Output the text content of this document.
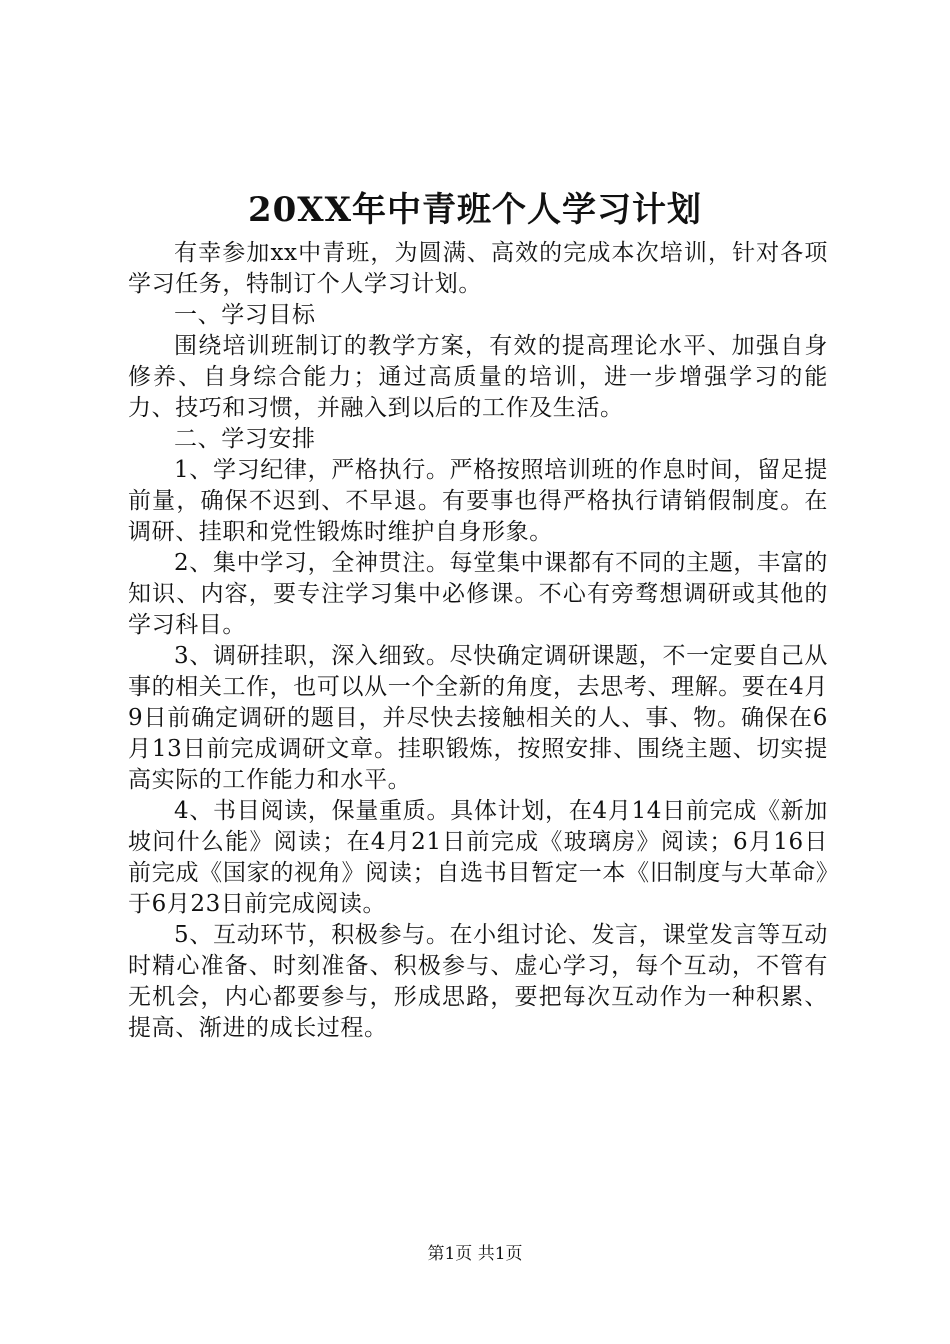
20XX年中青班个人学习计划

有幸参加xx中青班，为圆满、高效的完成本次培训，针对各项学习任务，特制订个人学习计划。

一、学习目标

围绕培训班制订的教学方案，有效的提高理论水平、加强自身修养、自身综合能力；通过高质量的培训，进一步增强学习的能力、技巧和习惯，并融入到以后的工作及生活。

二、学习安排

1、学习纪律，严格执行。严格按照培训班的作息时间，留足提前量，确保不迟到、不早退。有要事也得严格执行请销假制度。在调研、挂职和党性锻炼时维护自身形象。

2、集中学习，全神贯注。每堂集中课都有不同的主题，丰富的知识、内容，要专注学习集中必修课。不心有旁骛想调研或其他的学习科目。

3、调研挂职，深入细致。尽快确定调研课题，不一定要自己从事的相关工作，也可以从一个全新的角度，去思考、理解。要在4月9日前确定调研的题目，并尽快去接触相关的人、事、物。确保在6月13日前完成调研文章。挂职锻炼，按照安排、围绕主题、切实提高实际的工作能力和水平。

4、书目阅读，保量重质。具体计划，在4月14日前完成《新加坡问什么能》阅读；在4月21日前完成《玻璃房》阅读；6月16日前完成《国家的视角》阅读；自选书目暂定一本《旧制度与大革命》于6月23日前完成阅读。

5、互动环节，积极参与。在小组讨论、发言，课堂发言等互动时精心准备、时刻准备、积极参与、虚心学习，每个互动，不管有无机会，内心都要参与，形成思路，要把每次互动作为一种积累、提高、渐进的成长过程。

第1页 共1页
